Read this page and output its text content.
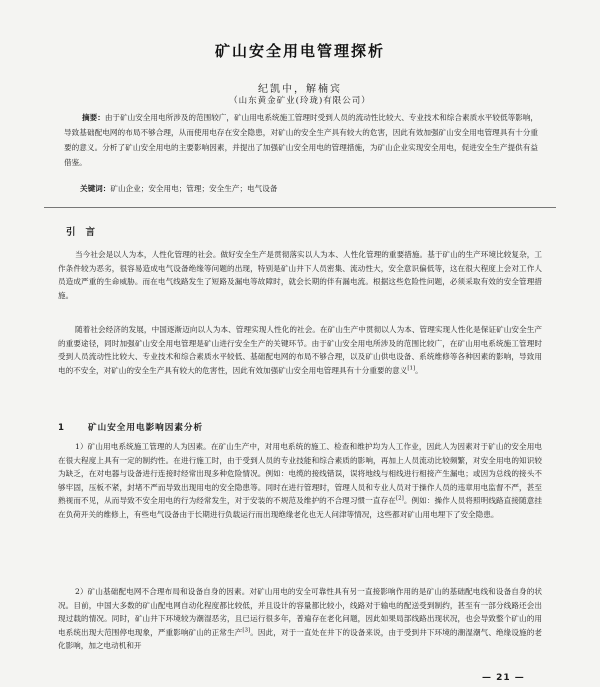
矿山安全用电管理探析
纪凯中，解楠宾
（山东黄金矿业(玲珑)有限公司）
摘要：由于矿山安全用电所涉及的范围较广，矿山用电系统施工管理时受到人员的流动性比较大、专业技术和综合素质水平较低等影响，导致基础配电网的布局不够合理，从而使用电存在安全隐患，对矿山的安全生产具有较大的危害，因此有效加强矿山安全用电管理具有十分重要的意义。分析了矿山安全用电的主要影响因素，并提出了加强矿山安全用电的管理措施，为矿山企业实现安全用电，促进安全生产提供有益借鉴。
关键词：矿山企业；安全用电；管理；安全生产；电气设备
引言
当今社会是以人为本，人性化管理的社会。做好安全生产是贯彻落实以人为本、人性化管理的重要措施。基于矿山的生产环境比较复杂，工作条件较为恶劣，很容易造成电气设备绝缘等问题的出现，特别是矿山井下人员密集、流动性大，安全意识偏低等，这在很大程度上会对工作人员造成严重的生命威胁。而在电气线路发生了短路及漏电等故障时，就会长期的伴有漏电流。根据这些危险性问题，必须采取有效的安全管理措施。
随着社会经济的发展，中国逐渐迈向以人为本、管理实现人性化的社会。在矿山生产中贯彻以人为本、管理实现人性化是保证矿山安全生产的重要途径，同时加强矿山安全用电管理是矿山进行安全生产的关键环节。由于矿山安全用电所涉及的范围比较广，在矿山用电系统施工管理时受到人员流动性比较大、专业技术和综合素质水平较低、基础配电网的布局不够合理，以及矿山供电设备、系统维修等各种因素的影响，导致用电的不安全，对矿山的安全生产具有较大的危害性，因此有效加强矿山安全用电管理具有十分重要的意义[1]。
1	矿山安全用电影响因素分析
1）矿山用电系统施工管理的人为因素。在矿山生产中，对用电系统的施工、检查和维护均为人工作业，因此人为因素对于矿山的安全用电在很大程度上具有一定的制约性。在进行施工时，由于受到人员的专业技能和综合素质的影响，再加上人员流动比较频繁，对安全用电的知识较为缺乏，在对电器与设备进行连接时经常出现多种危险情况。例如：电缆的接线错误，误将地线与相线进行相接产生漏电；或因为总线的接头不够牢固，压板不紧，封堵不严而导致出现用电的安全隐患等。同时在进行管理时，管理人员和专业人员对于操作人员的违章用电监督不严，甚至熟视而不见，从而导致不安全用电的行为经常发生，对于安装的不规范及维护的不合理习惯一直存在[2]。例如：操作人员将照明线路直接随意挂在负荷开关的维修上，有些电气设备由于长期进行负载运行而出现绝缘老化也无人问津等情况，这些都对矿山用电埋下了安全隐患。
2）矿山基础配电网不合理布局和设备自身的因素。对矿山用电的安全可靠性具有另一直接影响作用的是矿山的基础配电线和设备自身的状况。目前，中国大多数的矿山配电网自动化程度都比较低，并且设计的容量都比较小，线路对于输电的配送受到制约，甚至有一部分线路还会出现过载的情况。同时，矿山井下环境较为潮湿恶劣，且已运行很多年，普遍存在老化问题，因此如果局部线路出现状况，也会导致整个矿山的用电系统出现大范围停电现象，严重影响矿山的正常生产[3]。因此，对于一直处在井下的设备来说，由于受到井下环境的潮湿潮气、绝缘设施的老化影响，加之电动机和开
— 21 —
